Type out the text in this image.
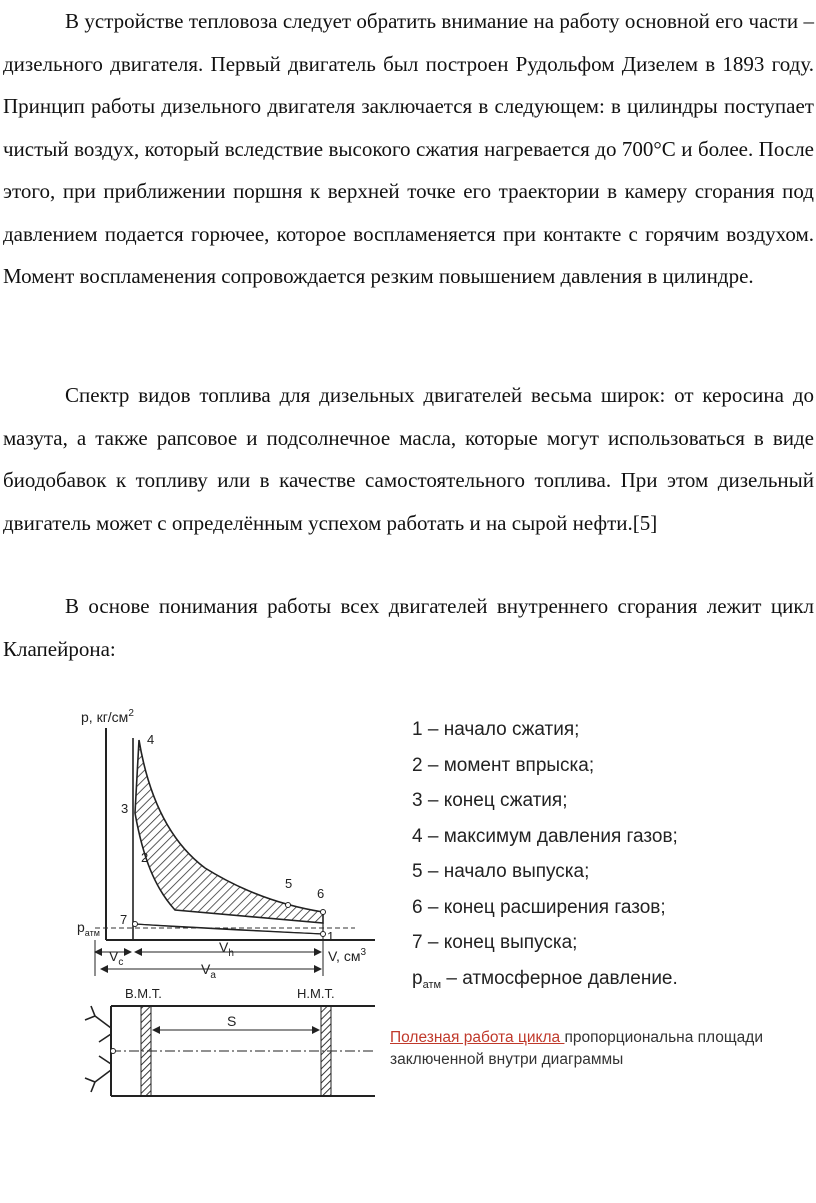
В устройстве тепловоза следует обратить внимание на работу основной его части – дизельного двигателя. Первый двигатель был построен Рудольфом Дизелем в 1893 году. Принцип работы дизельного двигателя заключается в следующем: в цилиндры поступает чистый воздух, который вследствие высокого сжатия нагревается до 700°С и более. После этого, при приближении поршня к верхней точке его траектории в камеру сгорания под давлением подается горючее, которое воспламеняется при контакте с горячим воздухом. Момент воспламенения сопровождается резким повышением давления в цилиндре.

Спектр видов топлива для дизельных двигателей весьма широк: от керосина до мазута, а также рапсовое и подсолнечное масла, которые могут использоваться в виде биодобавок к топливу или в качестве самостоятельного топлива. При этом дизельный двигатель может с определённым успехом работать и на сырой нефти.[5]

В основе понимания работы всех двигателей внутреннего сгорания лежит цикл Клапейрона:

p, $кг/см^2$
V, $см^3$
$p_{атм}$	1
2
3
4
5
6
7
$V_c$
$V_h$
$V_a$
В.М.Т.	Н.М.Т.
S
1 – начало сжатия;
2 – момент впрыска;
3 – конец сжатия;
4 – максимум давления газов;
5 – начало выпуска;
6 – конец расширения газов;
7 – конец выпуска;
$p_{атм}$ – атмосферное давление.
Полезная работа цикла пропорциональна площади заключенной внутри диаграммы
